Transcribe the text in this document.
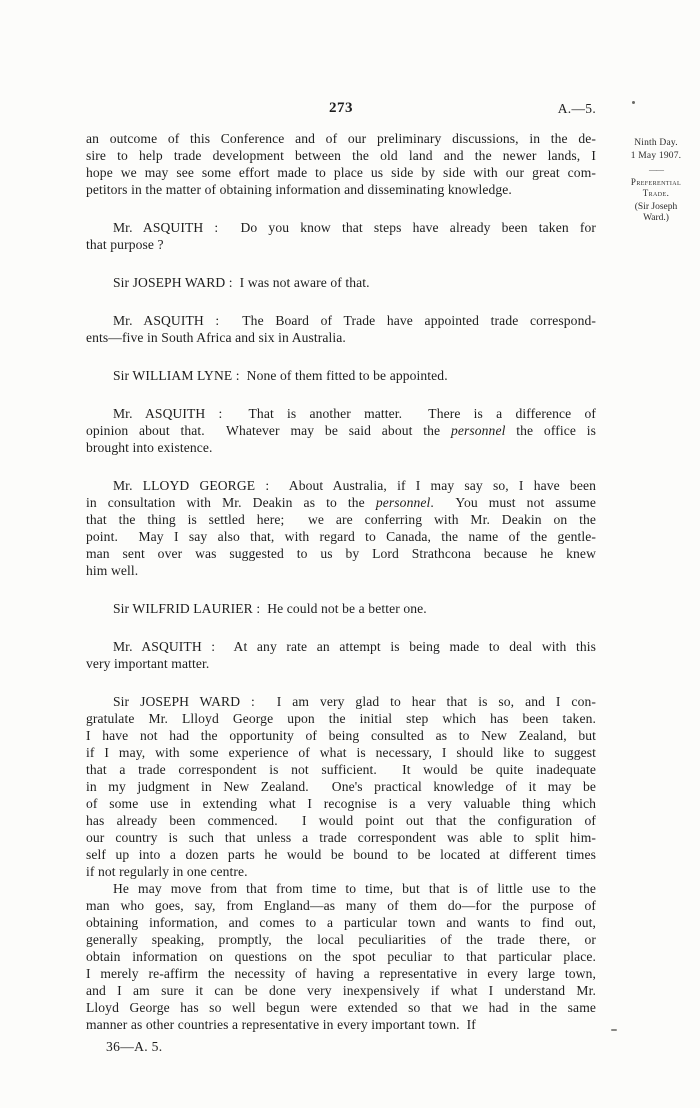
273	A.—5.
Ninth Day.
1 May 1907.
——
Preferential
Trade.
(Sir Joseph
Ward.)
an outcome of this Conference and of our preliminary discussions, in the de-
sire to help trade development between the old land and the newer lands, I
hope we may see some effort made to place us side by side with our great com-
petitors in the matter of obtaining information and disseminating knowledge.
Mr. ASQUITH :  Do you know that steps have already been taken for
that purpose ?
Sir JOSEPH WARD :  I was not aware of that.
Mr. ASQUITH :  The Board of Trade have appointed trade correspond-
ents—five in South Africa and six in Australia.
Sir WILLIAM LYNE :  None of them fitted to be appointed.
Mr. ASQUITH :  That is another matter.  There is a difference of
opinion about that.  Whatever may be said about the personnel the office is
brought into existence.
Mr. LLOYD GEORGE :  About Australia, if I may say so, I have been
in consultation with Mr. Deakin as to the personnel.  You must not assume
that the thing is settled here;  we are conferring with Mr. Deakin on the
point.  May I say also that, with regard to Canada, the name of the gentle-
man sent over was suggested to us by Lord Strathcona because he knew
him well.
Sir WILFRID LAURIER :  He could not be a better one.
Mr. ASQUITH :  At any rate an attempt is being made to deal with this
very important matter.
Sir JOSEPH WARD :  I am very glad to hear that is so, and I con-
gratulate Mr. Llloyd George upon the initial step which has been taken.
I have not had the opportunity of being consulted as to New Zealand, but
if I may, with some experience of what is necessary, I should like to suggest
that a trade correspondent is not sufficient.  It would be quite inadequate
in my judgment in New Zealand.  One's practical knowledge of it may be
of some use in extending what I recognise is a very valuable thing which
has already been commenced.  I would point out that the configuration of
our country is such that unless a trade correspondent was able to split him-
self up into a dozen parts he would be bound to be located at different times
if not regularly in one centre.
He may move from that from time to time, but that is of little use to the
man who goes, say, from England—as many of them do—for the purpose of
obtaining information, and comes to a particular town and wants to find out,
generally speaking, promptly, the local peculiarities of the trade there, or
obtain information on questions on the spot peculiar to that particular place.
I merely re-affirm the necessity of having a representative in every large town,
and I am sure it can be done very inexpensively if what I understand Mr.
Lloyd George has so well begun were extended so that we had in the same
manner as other countries a representative in every important town.  If
36—A. 5.
